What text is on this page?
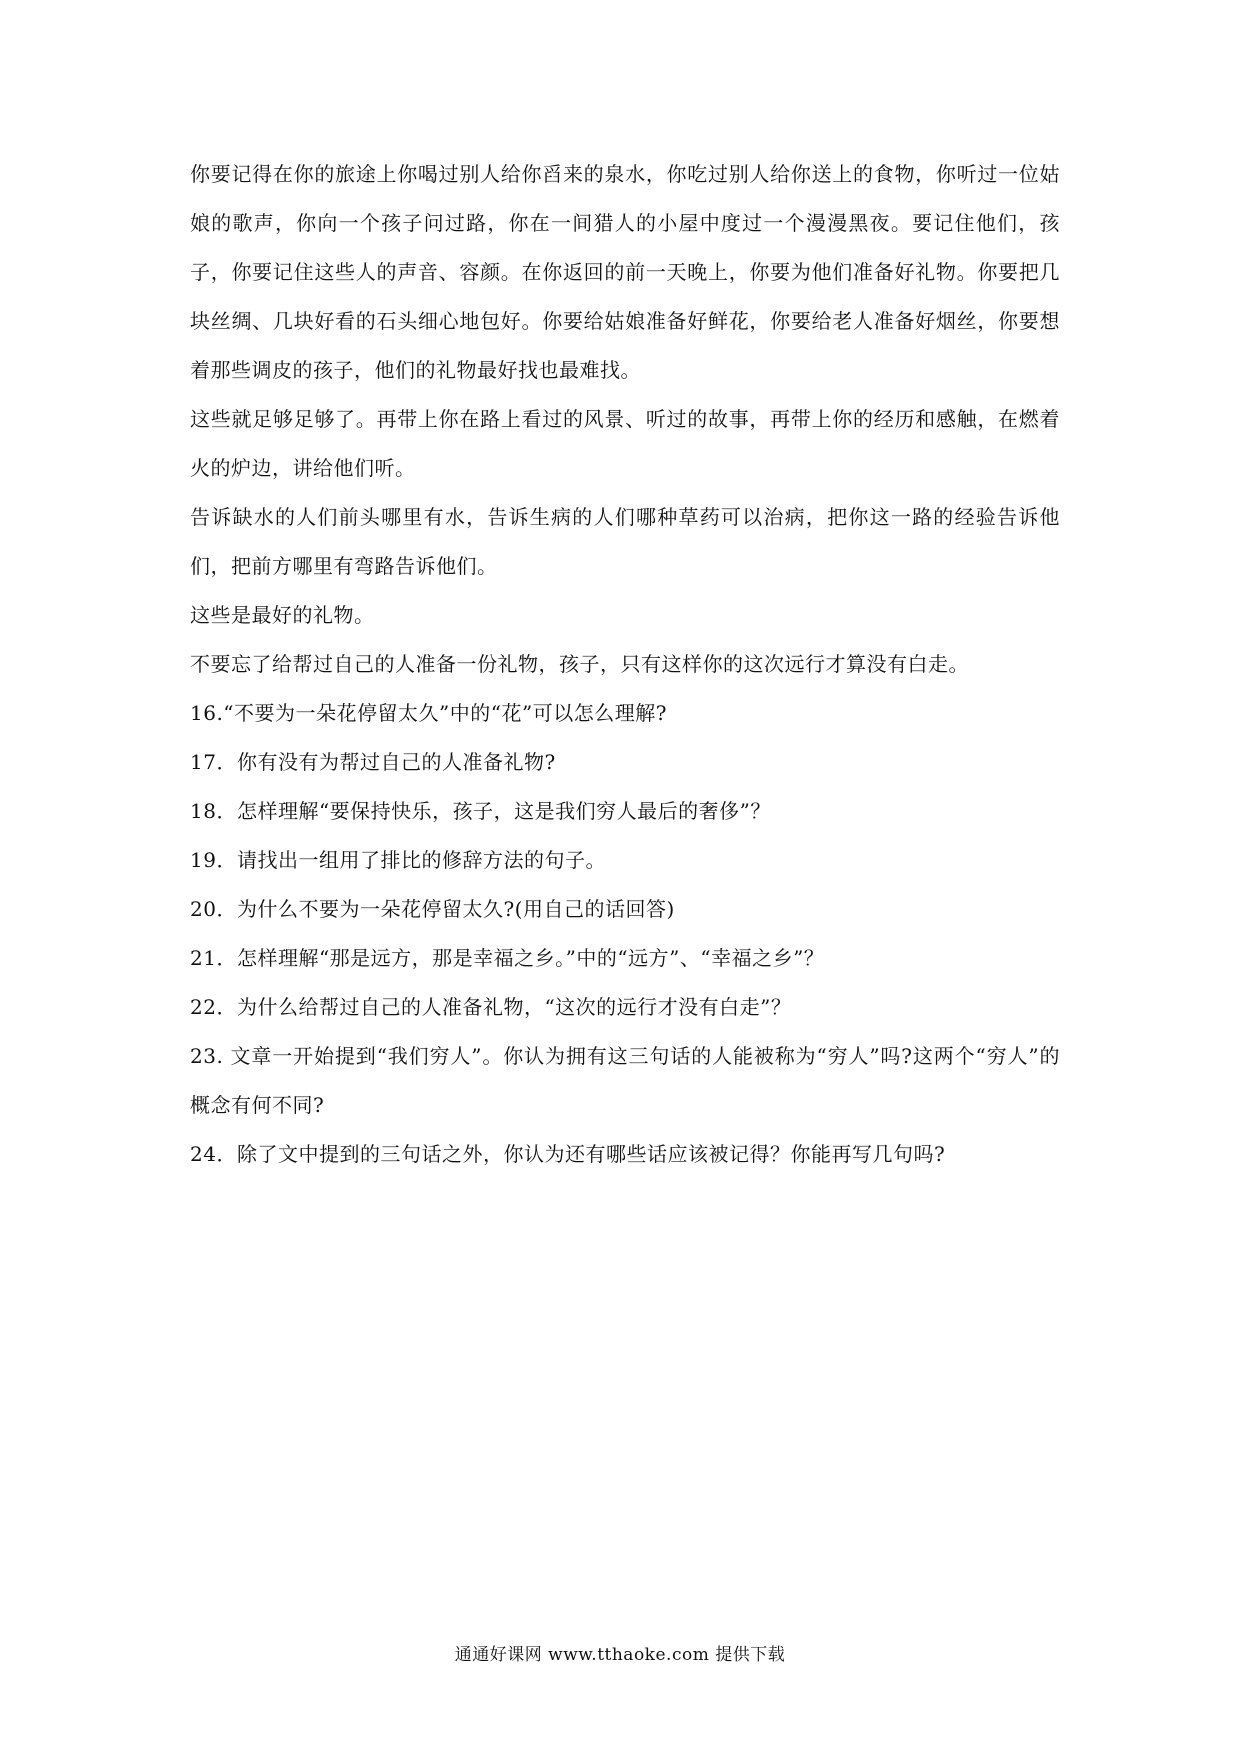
你要记得在你的旅途上你喝过别人给你舀来的泉水，你吃过别人给你送上的食物，你听过一位姑娘的歌声，你向一个孩子问过路，你在一间猎人的小屋中度过一个漫漫黑夜。要记住他们，孩子，你要记住这些人的声音、容颜。在你返回的前一天晚上，你要为他们准备好礼物。你要把几块丝绸、几块好看的石头细心地包好。你要给姑娘准备好鲜花，你要给老人准备好烟丝，你要想着那些调皮的孩子，他们的礼物最好找也最难找。

这些就足够足够了。再带上你在路上看过的风景、听过的故事，再带上你的经历和感触，在燃着火的炉边，讲给他们听。

告诉缺水的人们前头哪里有水，告诉生病的人们哪种草药可以治病，把你这一路的经验告诉他们，把前方哪里有弯路告诉他们。

这些是最好的礼物。

不要忘了给帮过自己的人准备一份礼物，孩子，只有这样你的这次远行才算没有白走。

16.“不要为一朵花停留太久”中的“花”可以怎么理解?

17．你有没有为帮过自己的人准备礼物?

18．怎样理解“要保持快乐，孩子，这是我们穷人最后的奢侈”？

19．请找出一组用了排比的修辞方法的句子。

20．为什么不要为一朵花停留太久?(用自己的话回答)

21．怎样理解“那是远方，那是幸福之乡。”中的“远方”、“幸福之乡”？

22．为什么给帮过自己的人准备礼物，“这次的远行才没有白走”？

23. 文章一开始提到“我们穷人”。你认为拥有这三句话的人能被称为“穷人”吗?这两个“穷人”的概念有何不同?

24．除了文中提到的三句话之外，你认为还有哪些话应该被记得？你能再写几句吗?

通通好课网 www.tthaoke.com 提供下载
